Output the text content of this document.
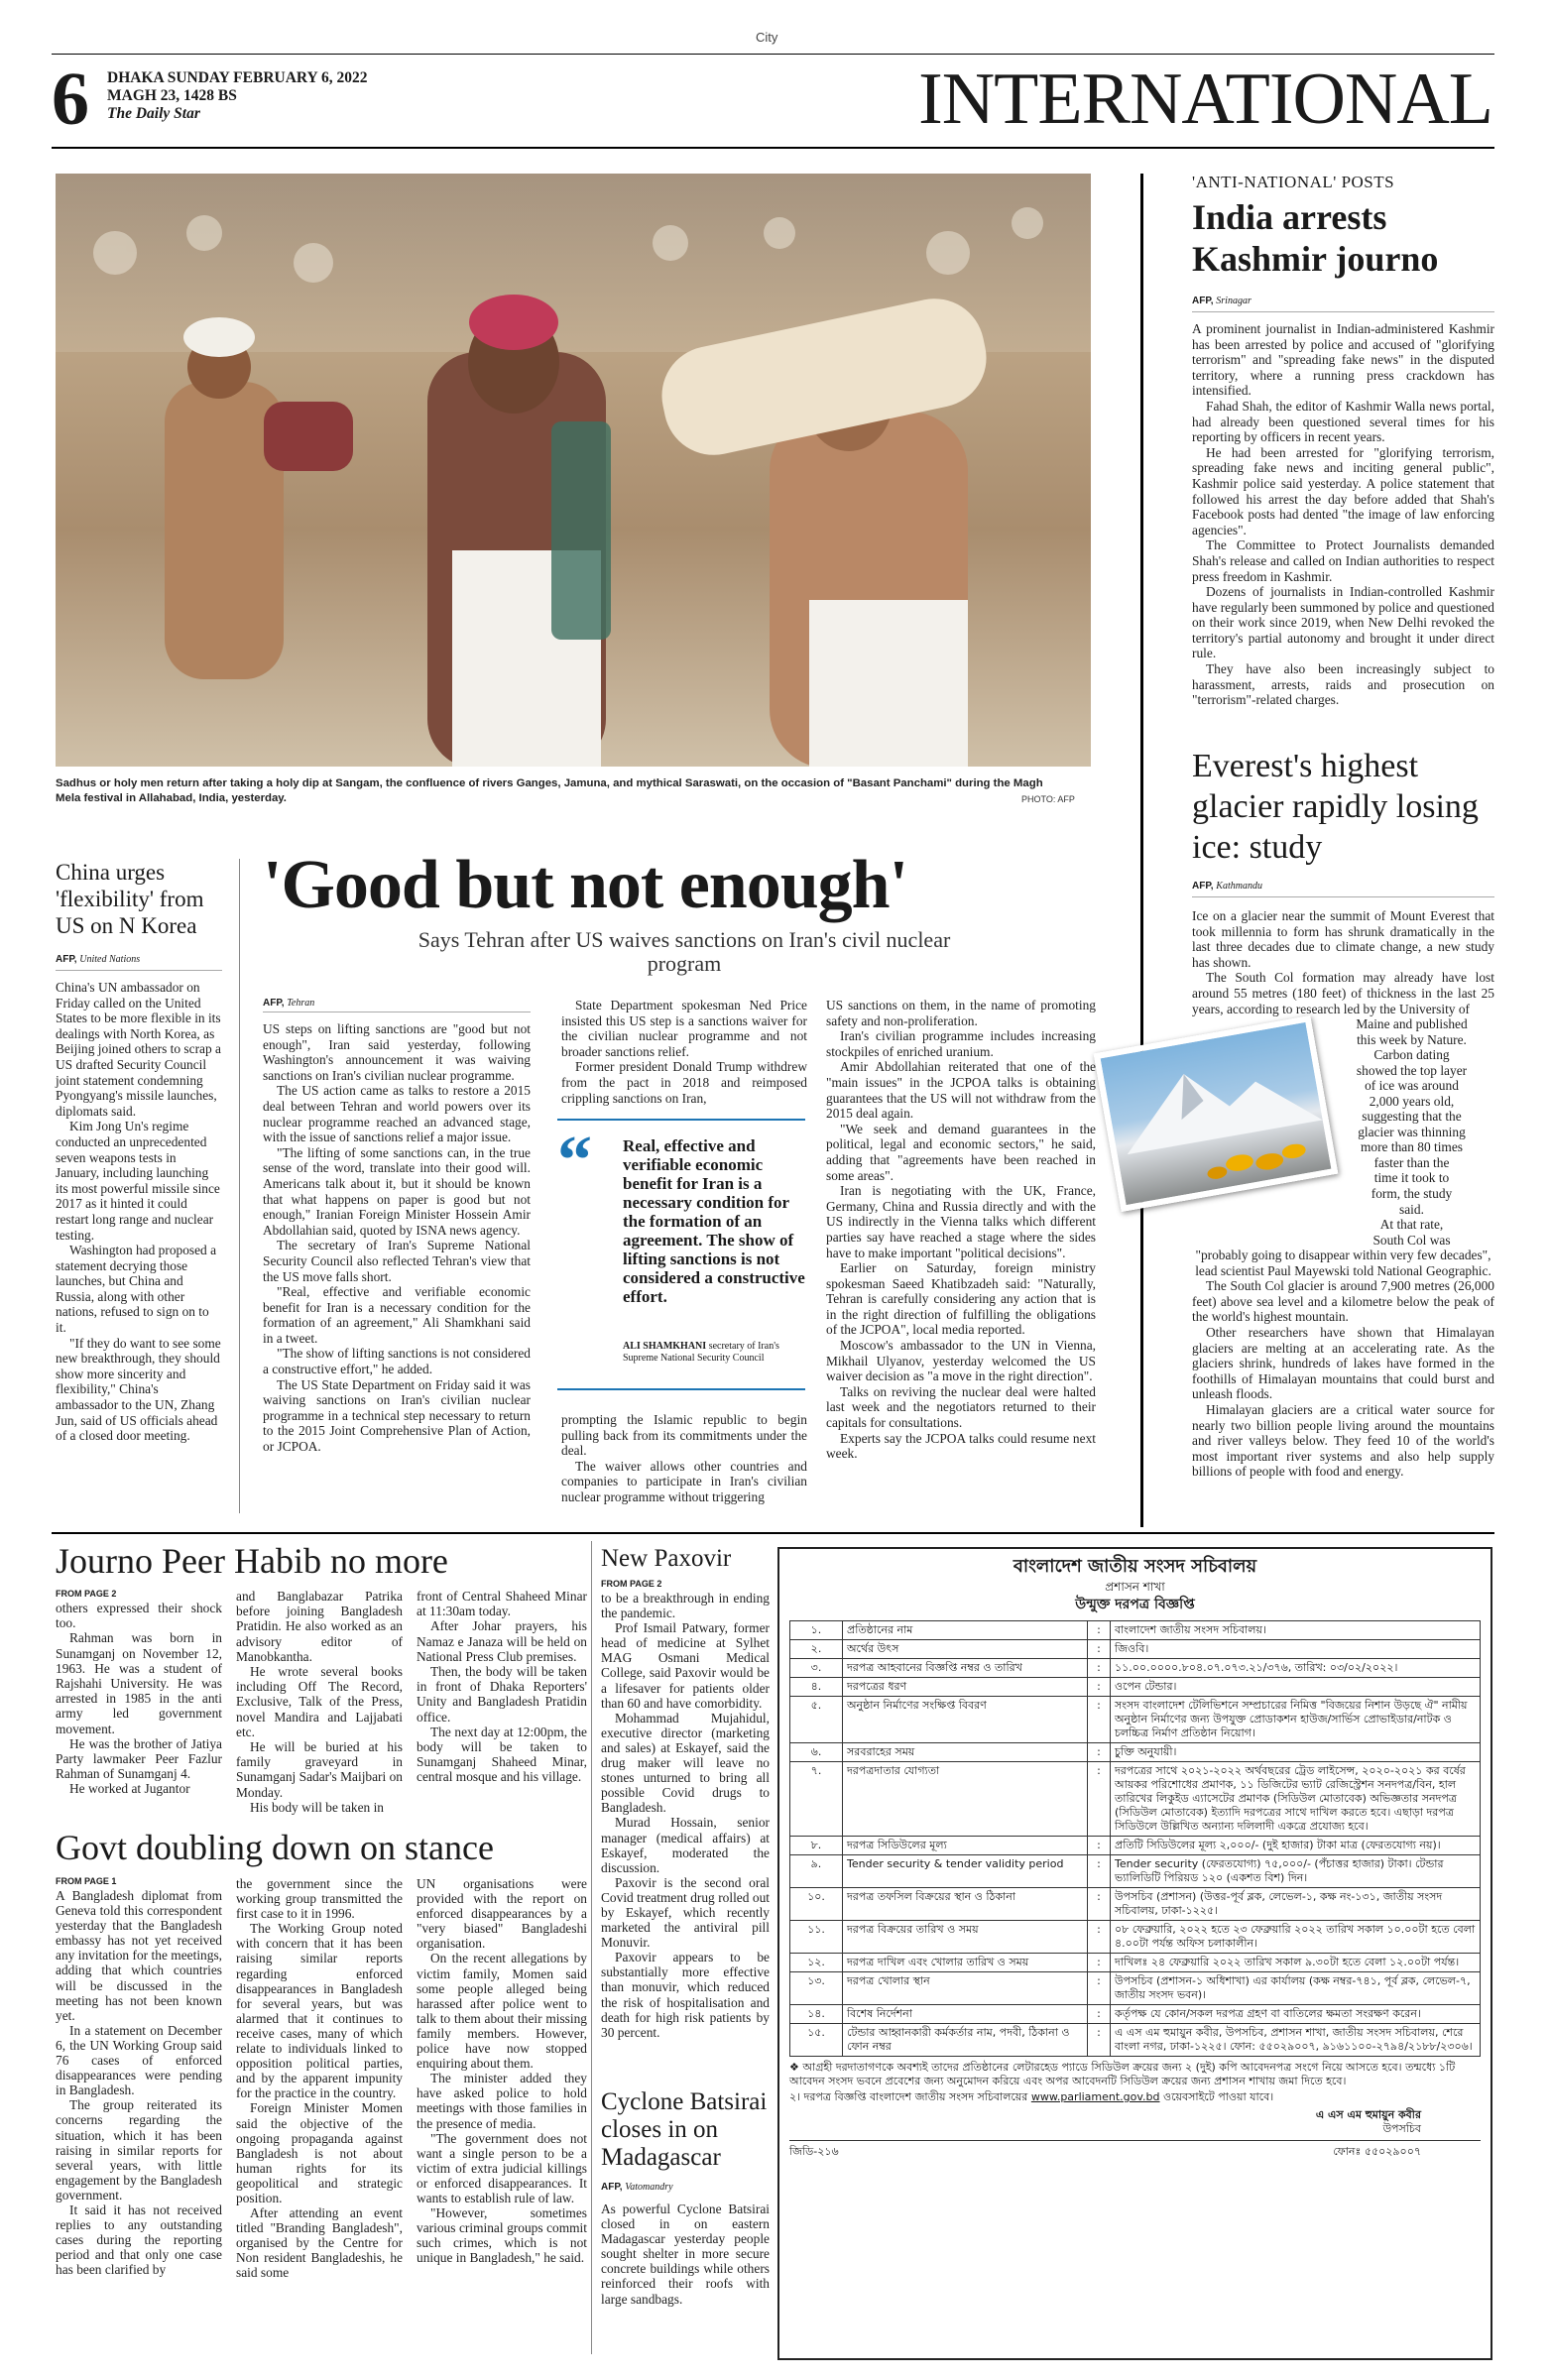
City
6 DHAKA SUNDAY FEBRUARY 6, 2022
MAGH 23, 1428 BS
The Daily Star	INTERNATIONAL
Sadhus or holy men return after taking a holy dip at Sangam, the confluence of rivers Ganges, Jamuna, and mythical Saraswati, on the occasion of "Basant Panchami" during the Magh Mela festival in Allahabad, India, yesterday.	PHOTO: AFP
'ANTI-NATIONAL' POSTS
India arrests Kashmir journo
AFP, Srinagar

A prominent journalist in Indian-administered Kashmir has been arrested by police and accused of "glorifying terrorism" and "spreading fake news" in the disputed territory, where a running press crackdown has intensified.

Fahad Shah, the editor of Kashmir Walla news portal, had already been questioned several times for his reporting by officers in recent years.

He had been arrested for "glorifying terrorism, spreading fake news and inciting general public", Kashmir police said yesterday. A police statement that followed his arrest the day before added that Shah's Facebook posts had dented "the image of law enforcing agencies".

The Committee to Protect Journalists demanded Shah's release and called on Indian authorities to respect press freedom in Kashmir.

Dozens of journalists in Indian-controlled Kashmir have regularly been summoned by police and questioned on their work since 2019, when New Delhi revoked the territory's partial autonomy and brought it under direct rule.

They have also been increasingly subject to harassment, arrests, raids and prosecution on "terrorism"-related charges.

Everest's highest glacier rapidly losing ice: study
AFP, Kathmandu

Ice on a glacier near the summit of Mount Everest that took millennia to form has shrunk dramatically in the last three decades due to climate change, a new study has shown.

The South Col formation may already have lost around 55 metres (180 feet) of thickness in the last 25 years, according to research led by the University of

Maine and published
this week by Nature.
Carbon dating
showed the top layer
of ice was around
2,000 years old,
suggesting that the
glacier was thinning
more than 80 times
faster than the
time it took to
form, the study
said.
At that rate,
South Col was

"probably going to disappear within very few decades", lead scientist Paul Mayewski told National Geographic.

The South Col glacier is around 7,900 metres (26,000 feet) above sea level and a kilometre below the peak of the world's highest mountain.

Other researchers have shown that Himalayan glaciers are melting at an accelerating rate. As the glaciers shrink, hundreds of lakes have formed in the foothills of Himalayan mountains that could burst and unleash floods.

Himalayan glaciers are a critical water source for nearly two billion people living around the mountains and river valleys below. They feed 10 of the world's most important river systems and also help supply billions of people with food and energy.

China urges 'flexibility' from US on N Korea
AFP, United Nations

China's UN ambassador on Friday called on the United States to be more flexible in its dealings with North Korea, as Beijing joined others to scrap a US drafted Security Council joint statement condemning Pyongyang's missile launches, diplomats said.

Kim Jong Un's regime conducted an unprecedented seven weapons tests in January, including launching its most powerful missile since 2017 as it hinted it could restart long range and nuclear testing.

Washington had proposed a statement decrying those launches, but China and Russia, along with other nations, refused to sign on to it.

"If they do want to see some new breakthrough, they should show more sincerity and flexibility," China's ambassador to the UN, Zhang Jun, said of US officials ahead of a closed door meeting.

'Good but not enough'
Says Tehran after US waives sanctions on Iran's civil nuclear program
AFP, Tehran

US steps on lifting sanctions are "good but not enough", Iran said yesterday, following Washington's announcement it was waiving sanctions on Iran's civilian nuclear programme.

The US action came as talks to restore a 2015 deal between Tehran and world powers over its nuclear programme reached an advanced stage, with the issue of sanctions relief a major issue.

"The lifting of some sanctions can, in the true sense of the word, translate into their good will. Americans talk about it, but it should be known that what happens on paper is good but not enough," Iranian Foreign Minister Hossein Amir Abdollahian said, quoted by ISNA news agency.

The secretary of Iran's Supreme National Security Council also reflected Tehran's view that the US move falls short.

"Real, effective and verifiable economic benefit for Iran is a necessary condition for the formation of an agreement," Ali Shamkhani said in a tweet.

"The show of lifting sanctions is not considered a constructive effort," he added.

The US State Department on Friday said it was waiving sanctions on Iran's civilian nuclear programme in a technical step necessary to return to the 2015 Joint Comprehensive Plan of Action, or JCPOA.

State Department spokesman Ned Price insisted this US step is a sanctions waiver for the civilian nuclear programme and not broader sanctions relief.

Former president Donald Trump withdrew from the pact in 2018 and reimposed crippling sanctions on Iran,

“ Real, effective and verifiable economic benefit for Iran is a necessary condition for the formation of an agreement. The show of lifting sanctions is not considered a constructive effort.
ALI SHAMKHANI secretary of Iran's Supreme National Security Council

prompting the Islamic republic to begin pulling back from its commitments under the deal.

The waiver allows other countries and companies to participate in Iran's civilian nuclear programme without triggering

US sanctions on them, in the name of promoting safety and non-proliferation.

Iran's civilian programme includes increasing stockpiles of enriched uranium.

Amir Abdollahian reiterated that one of the "main issues" in the JCPOA talks is obtaining guarantees that the US will not withdraw from the 2015 deal again.

"We seek and demand guarantees in the political, legal and economic sectors," he said, adding that "agreements have been reached in some areas".

Iran is negotiating with the UK, France, Germany, China and Russia directly and with the US indirectly in the Vienna talks which different parties say have reached a stage where the sides have to make important "political decisions".

Earlier on Saturday, foreign ministry spokesman Saeed Khatibzadeh said: "Naturally, Tehran is carefully considering any action that is in the right direction of fulfilling the obligations of the JCPOA", local media reported.

Moscow's ambassador to the UN in Vienna, Mikhail Ulyanov, yesterday welcomed the US waiver decision as "a move in the right direction".

Talks on reviving the nuclear deal were halted last week and the negotiators returned to their capitals for consultations.

Experts say the JCPOA talks could resume next week.

Journo Peer Habib no more
FROM PAGE 2

others expressed their shock too.

Rahman was born in Sunamganj on November 12, 1963. He was a student of Rajshahi University. He was arrested in 1985 in the anti army led government movement.

He was the brother of Jatiya Party lawmaker Peer Fazlur Rahman of Sunamganj 4.

He worked at Jugantor

and Banglabazar Patrika before joining Bangladesh Pratidin. He also worked as an advisory editor of Manobkantha.

He wrote several books including Off The Record, Exclusive, Talk of the Press, novel Mandira and Lajjabati etc.

He will be buried at his family graveyard in Sunamganj Sadar's Maijbari on Monday.

His body will be taken in

front of Central Shaheed Minar at 11:30am today.

After Johar prayers, his Namaz e Janaza will be held on National Press Club premises.

Then, the body will be taken in front of Dhaka Reporters' Unity and Bangladesh Pratidin office.

The next day at 12:00pm, the body will be taken to Sunamganj Shaheed Minar, central mosque and his village.

Govt doubling down on stance
FROM PAGE 1

A Bangladesh diplomat from Geneva told this correspondent yesterday that the Bangladesh embassy has not yet received any invitation for the meetings, adding that which countries will be discussed in the meeting has not been known yet.

In a statement on December 6, the UN Working Group said 76 cases of enforced disappearances were pending in Bangladesh.

The group reiterated its concerns regarding the situation, which it has been raising in similar reports for several years, with little engagement by the Bangladesh government.

It said it has not received replies to any outstanding cases during the reporting period and that only one case has been clarified by

the government since the working group transmitted the first case to it in 1996.

The Working Group noted with concern that it has been raising similar reports regarding enforced disappearances in Bangladesh for several years, but was alarmed that it continues to receive cases, many of which relate to individuals linked to opposition political parties, and by the apparent impunity for the practice in the country.

Foreign Minister Momen said the objective of the ongoing propaganda against Bangladesh is not about human rights for its geopolitical and strategic position.

After attending an event titled "Branding Bangladesh", organised by the Centre for Non resident Bangladeshis, he said some

UN organisations were provided with the report on enforced disappearances by a "very biased" Bangladeshi organisation.

On the recent allegations by victim family, Momen said some people alleged being harassed after police went to talk to them about their missing family members. However, police have now stopped enquiring about them.

The minister added they have asked police to hold meetings with those families in the presence of media.

"The government does not want a single person to be a victim of extra judicial killings or enforced disappearances. It wants to establish rule of law.

"However, sometimes various criminal groups commit such crimes, which is not unique in Bangladesh," he said.

New Paxovir
FROM PAGE 2

to be a breakthrough in ending the pandemic.

Prof Ismail Patwary, former head of medicine at Sylhet MAG Osmani Medical College, said Paxovir would be a lifesaver for patients older than 60 and have comorbidity.

Mohammad Mujahidul, executive director (marketing and sales) at Eskayef, said the drug maker will leave no stones unturned to bring all possible Covid drugs to Bangladesh.

Murad Hossain, senior manager (medical affairs) at Eskayef, moderated the discussion.

Paxovir is the second oral Covid treatment drug rolled out by Eskayef, which recently marketed the antiviral pill Monuvir.

Paxovir appears to be substantially more effective than monuvir, which reduced the risk of hospitalisation and death for high risk patients by 30 percent.

Cyclone Batsirai closes in on Madagascar
AFP, Vatomandry

As powerful Cyclone Batsirai closed in on eastern Madagascar yesterday people sought shelter in more secure concrete buildings while others reinforced their roofs with large sandbags.

বাংলাদেশ জাতীয় সংসদ সচিবালয়
প্রশাসন শাখা
উন্মুক্ত দরপত্র বিজ্ঞপ্তি
১.	প্রতিষ্ঠানের নাম	:	বাংলাদেশ জাতীয় সংসদ সচিবালয়।
২.	অর্থের উৎস	:	জিওবি।
৩.	দরপত্র আহবানের বিজ্ঞপ্তি নম্বর ও তারিখ	:	১১.০০.০০০০.৮০৪.০৭.০৭৩.২১/৩৭৬, তারিখ: ০৩/০২/২০২২।
৪.	দরপত্রের ধরণ	:	ওপেন টেন্ডার।
৫.	অনুষ্ঠান নির্মাণের সংক্ষিপ্ত বিবরণ	:	সংসদ বাংলাদেশ টেলিভিশনে সম্প্রচারের নিমিত্ত "বিজয়ের নিশান উড়ছে ঐ" নামীয় অনুষ্ঠান নির্মাণের জন্য উপযুক্ত প্রোডাকশন হাউজ/সার্ভিস প্রোভাইডার/নাটক ও চলচ্চিত্র নির্মাণ প্রতিষ্ঠান নিয়োগ।
৬.	সরবরাহের সময়	:	চুক্তি অনুযায়ী।
৭.	দরপত্রদাতার যোগ্যতা	:	দরপত্রের সাথে ২০২১-২০২২ অর্থবছরের ট্রেড লাইসেন্স, ২০২০-২০২১ কর বর্ষের আয়কর পরিশোধের প্রমাণক, ১১ ডিজিটের ভ্যাট রেজিস্ট্রেশন সনদপত্র/বিন, হাল তারিখের লিকুইড এ্যাসেটের প্রমাণক (সিডিউল মোতাবেক) অভিজ্ঞতার সনদপত্র (সিডিউল মোতাবেক) ইত্যাদি দরপত্রের সাথে দাখিল করতে হবে। এছাড়া দরপত্র সিডিউলে উল্লিখিত অন্যান্য দলিলাদী একত্রে প্রযোজ্য হবে।
৮.	দরপত্র সিডিউলের মূল্য	:	প্রতিটি সিডিউলের মূল্য ২,০০০/- (দুই হাজার) টাকা মাত্র (ফেরতযোগ্য নয়)।
৯.	Tender security & tender validity period	:	Tender security (ফেরতযোগ্য) ৭৫,০০০/- (পঁচাত্তর হাজার) টাকা। টেন্ডার ভ্যালিডিটি পিরিয়ড ১২০ (একশত বিশ) দিন।
১০.	দরপত্র তফসিল বিক্রয়ের স্থান ও ঠিকানা	:	উপসচিব (প্রশাসন) (উত্তর-পূর্ব ব্লক, লেভেল-১, কক্ষ নং-১৩১, জাতীয় সংসদ সচিবালয়, ঢাকা-১২২৫।
১১.	দরপত্র বিক্রয়ের তারিখ ও সময়	:	০৮ ফেব্রুয়ারি, ২০২২ হতে ২৩ ফেব্রুয়ারি ২০২২ তারিখ সকাল ১০.০০টা হতে বেলা ৪.০০টা পর্যন্ত অফিস চলাকালীন।
১২.	দরপত্র দাখিল এবং খোলার তারিখ ও সময়	:	দাখিলঃ ২৪ ফেব্রুয়ারি ২০২২ তারিখ সকাল ৯.৩০টা হতে বেলা ১২.০০টা পর্যন্ত।
১৩.	দরপত্র খোলার স্থান	:	উপসচিব (প্রশাসন-১ অধিশাখা) এর কার্যালয় (কক্ষ নম্বর-৭৪১, পূর্ব ব্লক, লেভেল-৭, জাতীয় সংসদ ভবন)।
১৪.	বিশেষ নির্দেশনা	:	কর্তৃপক্ষ যে কোন/সকল দরপত্র গ্রহণ বা বাতিলের ক্ষমতা সংরক্ষণ করেন।
১৫.	টেন্ডার আহ্বানকারী কর্মকর্তার নাম, পদবী, ঠিকানা ও ফোন নম্বর	:	এ এস এম হুমায়ুন কবীর, উপসচিব, প্রশাসন শাখা, জাতীয় সংসদ সচিবালয়, শেরে বাংলা নগর, ঢাকা-১২২৫। ফোন: ৫৫০২৯০০৭, ৯১৬১১০০-২৭৯৪/২১৮৮/২৩০৬।
❖ আগ্রহী দরদাতাগণকে অবশ্যই তাদের প্রতিষ্ঠানের লেটারহেড প্যাডে সিডিউল ক্রয়ের জন্য ২ (দুই) কপি আবেদনপত্র সংগে নিয়ে আসতে হবে। তন্মধ্যে ১টি আবেদন সংসদ ভবনে প্রবেশের জন্য অনুমোদন করিয়ে এবং অপর আবেদনটি সিডিউল ক্রয়ের জন্য প্রশাসন শাখায় জমা দিতে হবে।
২। দরপত্র বিজ্ঞপ্তি বাংলাদেশ জাতীয় সংসদ সচিবালয়ের www.parliament.gov.bd ওয়েবসাইটে পাওয়া যাবে।
এ এস এম হুমায়ুন কবীর
উপসচিব
জিডি-২১৬	ফোনঃ ৫৫০২৯০০৭
